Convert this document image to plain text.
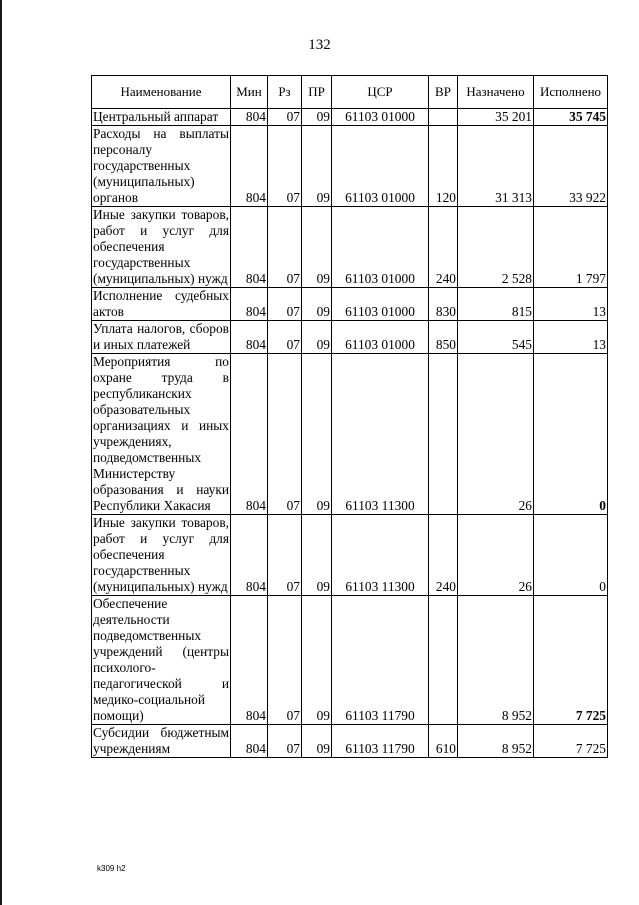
132
Наименование	Мин	Рз	ПР	ЦСР	ВР	Назначено	Исполнено
Центральный аппарат	804	07	09	61103 01000		35 201	35 745
Расходы на выплаты персоналу государственных (муниципальных) органов	804	07	09	61103 01000	120	31 313	33 922
Иные закупки товаров, работ и услуг для обеспечения государственных (муниципальных) нужд	804	07	09	61103 01000	240	2 528	1 797
Исполнение судебных актов	804	07	09	61103 01000	830	815	13
Уплата налогов, сборов и иных платежей	804	07	09	61103 01000	850	545	13
Мероприятия по охране труда в республиканских образовательных организациях и иных учреждениях, подведомственных Министерству образования и науки Республики Хакасия	804	07	09	61103 11300		26	0
Иные закупки товаров, работ и услуг для обеспечения государственных (муниципальных) нужд	804	07	09	61103 11300	240	26	0
Обеспечение деятельности подведомственных учреждений (центры психолого-педагогической и медико-социальной помощи)	804	07	09	61103 11790		8 952	7 725
Субсидии бюджетным учреждениям	804	07	09	61103 11790	610	8 952	7 725
k309 h2
